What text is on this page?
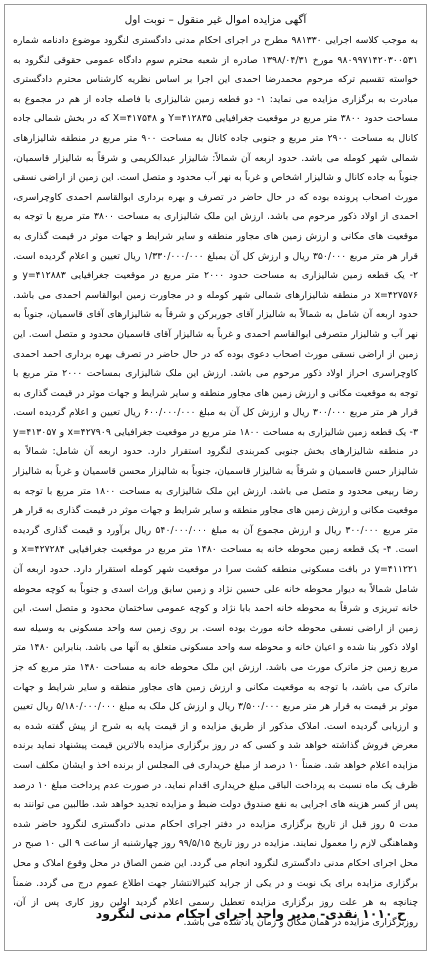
آگهی مزایده اموال غیر منقول – نوبت اول
به موجب کلاسه اجرایی ۹۸۱۳۳۰ مطرح در اجرای احکام مدنی دادگستری لنگرود موضوع دادنامه شماره ۹۸۰۹۹۷۱۴۲۰۳۰۰۵۳۱ مورخ ۱۳۹۸/۰۴/۳۱ صادره از شعبه محترم سوم دادگاه عمومی حقوقی لنگرود به خواسته تقسیم ترکه مرحوم محمدرضا احمدی این اجرا بر اساس نظریه کارشناس محترم دادگستری مبادرت به برگزاری مزایده می نماید: ۱- دو قطعه زمین شالیزاری با فاصله جاده از هم در مجموع به مساحت حدود ۳۸۰۰ متر مربع در موقعیت جغرافیایی Y=۴۱۲۸۳۵ و X=۴۱۷۵۴۸ که در بخش شمالی جاده کانال به مساحت ۲۹۰۰ متر مربع و جنوبی جاده کانال به مساحت ۹۰۰ متر مربع در منطقه شالیزارهای شمالی شهر کومله می باشد. حدود اربعه آن شمالاً: شالیزار عبدالکریمی و شرقاً به شالیزار قاسمیان، جنوباً به جاده کانال و شالیزار اشخاص و غرباً به نهر آب محدود و متصل است. این زمین از اراضی نسقی مورث اصحاب پرونده بوده که در حال حاضر در تصرف و بهره برداری ابوالقاسم احمدی کاوچراسری، احمدی از اولاد ذکور مرحوم می باشد. ارزش این ملک شالیزاری به مساحت ۳۸۰۰ متر مربع با توجه به موقعیت های مکانی و ارزش زمین های مجاور منطقه و سایر شرایط و جهات موثر در قیمت گذاری به قرار هر متر مربع ۳۵۰/۰۰۰ ریال و ارزش کل آن بمبلغ ۱/۳۳۰/۰۰۰/۰۰۰ ریال تعیین و اعلام گردیده است. ۲- یک قطعه زمین شالیزاری به مساحت حدود ۲۰۰۰ متر مربع در موقعیت جغرافیایی y=۴۱۲۸۸۳ و x=۴۲۷۵۷۶ در منطقه شالیزارهای شمالی شهر کومله و در مجاورت زمین ابوالقاسم احمدی می باشد. حدود اربعه آن شامل به شمالاً به شالیزار آقای جوربرکن و شرقاً به شالیزارهای آقای قاسمیان، جنوباً به نهر آب و شالیزار متصرفی ابوالقاسم احمدی و غرباً به شالیزار آقای قاسمیان محدود و متصل است. این زمین از اراضی نسقی مورث اصحاب دعوی بوده که در حال حاضر در تصرف بهره برداری احمد احمدی کاوچراسری احراز اولاد ذکور مرحوم می باشد. ارزش این ملک شالیزاری بمساحت ۲۰۰۰ متر مربع با توجه به موقعیت مکانی و ارزش زمین های مجاور منطقه و سایر شرایط و جهات موثر در قیمت گذاری به قرار هر متر مربع ۳۰۰/۰۰۰ ریال و ارزش کل آن به مبلغ ۶۰۰/۰۰۰/۰۰۰ ریال تعیین و اعلام گردیده است. ۳- یک قطعه زمین شالیزاری به مساحت ۱۸۰۰ متر مربع در موقعیت جغرافیایی x=۴۲۷۹۰۹ و y=۴۱۳۰۵۷ در منطقه شالیزارهای بخش جنوبی کمربندی لنگرود استقرار دارد. حدود اربعه آن شامل: شمالاً به شالیزار حسن قاسمیان و شرقاً به شالیزار قاسمیان، جنوباً به شالیزار محسن قاسمیان و غرباً به شالیزار رضا ربیعی محدود و متصل می باشد. ارزش این ملک شالیزاری به مساحت ۱۸۰۰ متر مربع با توجه به موقعیت مکانی و ارزش زمین های مجاور منطقه و سایر شرایط و جهات موثر در قیمت گذاری به قرار هر متر مربع ۳۰۰/۰۰۰ ریال و ارزش مجموع آن به مبلغ ۵۴۰/۰۰۰/۰۰۰ ریال برآورد و قیمت گذاری گردیده است. ۴- یک قطعه زمین محوطه خانه به مساحت ۱۴۸۰ متر مربع در موقعیت جغرافیایی x=۴۲۷۲۸۴ و y=۴۱۱۲۲۱ در بافت مسکونی منطقه کشت سرا در موقعیت شهر کومله استقرار دارد. حدود اربعه آن شامل شمالاً به دیوار محوطه خانه علی حسین نژاد و زمین سابق وراث اسدی و جنوباً به کوچه محوطه خانه تبریزی و شرقاً به محوطه خانه احمد بابا نژاد و کوچه عمومی ساختمان محدود و متصل است. این زمین از اراضی نسقی محوطه خانه مورث بوده است. بر روی زمین سه واحد مسکونی به وسیله سه اولاد ذکور بنا شده و اعیان خانه و محوطه سه واحد مسکونی متعلق به آنها می باشد. بنابراین ۱۴۸۰ متر مربع زمین جز ماترک مورث می باشد. ارزش این ملک محوطه خانه به مساحت ۱۴۸۰ متر مربع که جز ماترک می باشد، با توجه به موقعیت مکانی و ارزش زمین های مجاور منطقه و سایر شرایط و جهات موثر بر قیمت به قرار هر متر مربع ۳/۵۰۰/۰۰۰ ریال و ارزش کل ملک به مبلغ ۵/۱۸۰/۰۰۰/۰۰۰ ریال تعیین و ارزیابی گردیده است. املاک مذکور از طریق مزایده و از قیمت پایه به شرح از پیش گفته شده به معرض فروش گذاشته خواهد شد و کسی که در روز برگزاری مزایده بالاترین قیمت پیشنهاد نماید برنده مزایده اعلام خواهد شد. ضمناً ۱۰ درصد از مبلغ خریداری فی المجلس از برنده اخذ و ایشان مکلف است ظرف یک ماه نسبت به پرداخت الباقی مبلغ خریداری اقدام نماید. در صورت عدم پرداخت مبلغ ۱۰ درصد پس از کسر هزینه های اجرایی به نفع صندوق دولت ضبط و مزایده تجدید خواهد شد. طالبین می توانند به مدت ۵ روز قبل از تاریخ برگزاری مزایده در دفتر اجرای احکام مدنی دادگستری لنگرود حاضر شده وهماهنگی لازم را معمول نمایند. مزایده در روز تاریخ ۹۹/۵/۱۵ روز چهارشنبه از ساعت ۹ الی ۱۰ صبح در محل اجرای احکام مدنی دادگستری لنگرود انجام می گردد. این ضمن الصاق در محل وقوع املاک و محل برگزاری مزایده برای یک نوبت و در یکی از جراید کثیرالانتشار جهت اطلاع عموم درج می گردد. ضمناً چنانچه به هر علت روز برگزاری مزایده تعطیل رسمی اعلام گردید اولین روز کاری پس از آن، روزبرگزاری مزایده در همان مکان و زمان یاد شده می باشد.
ح ۱۰۱۰ نقدی- مدیر واحد اجرای احکام مدنی لنگرود
